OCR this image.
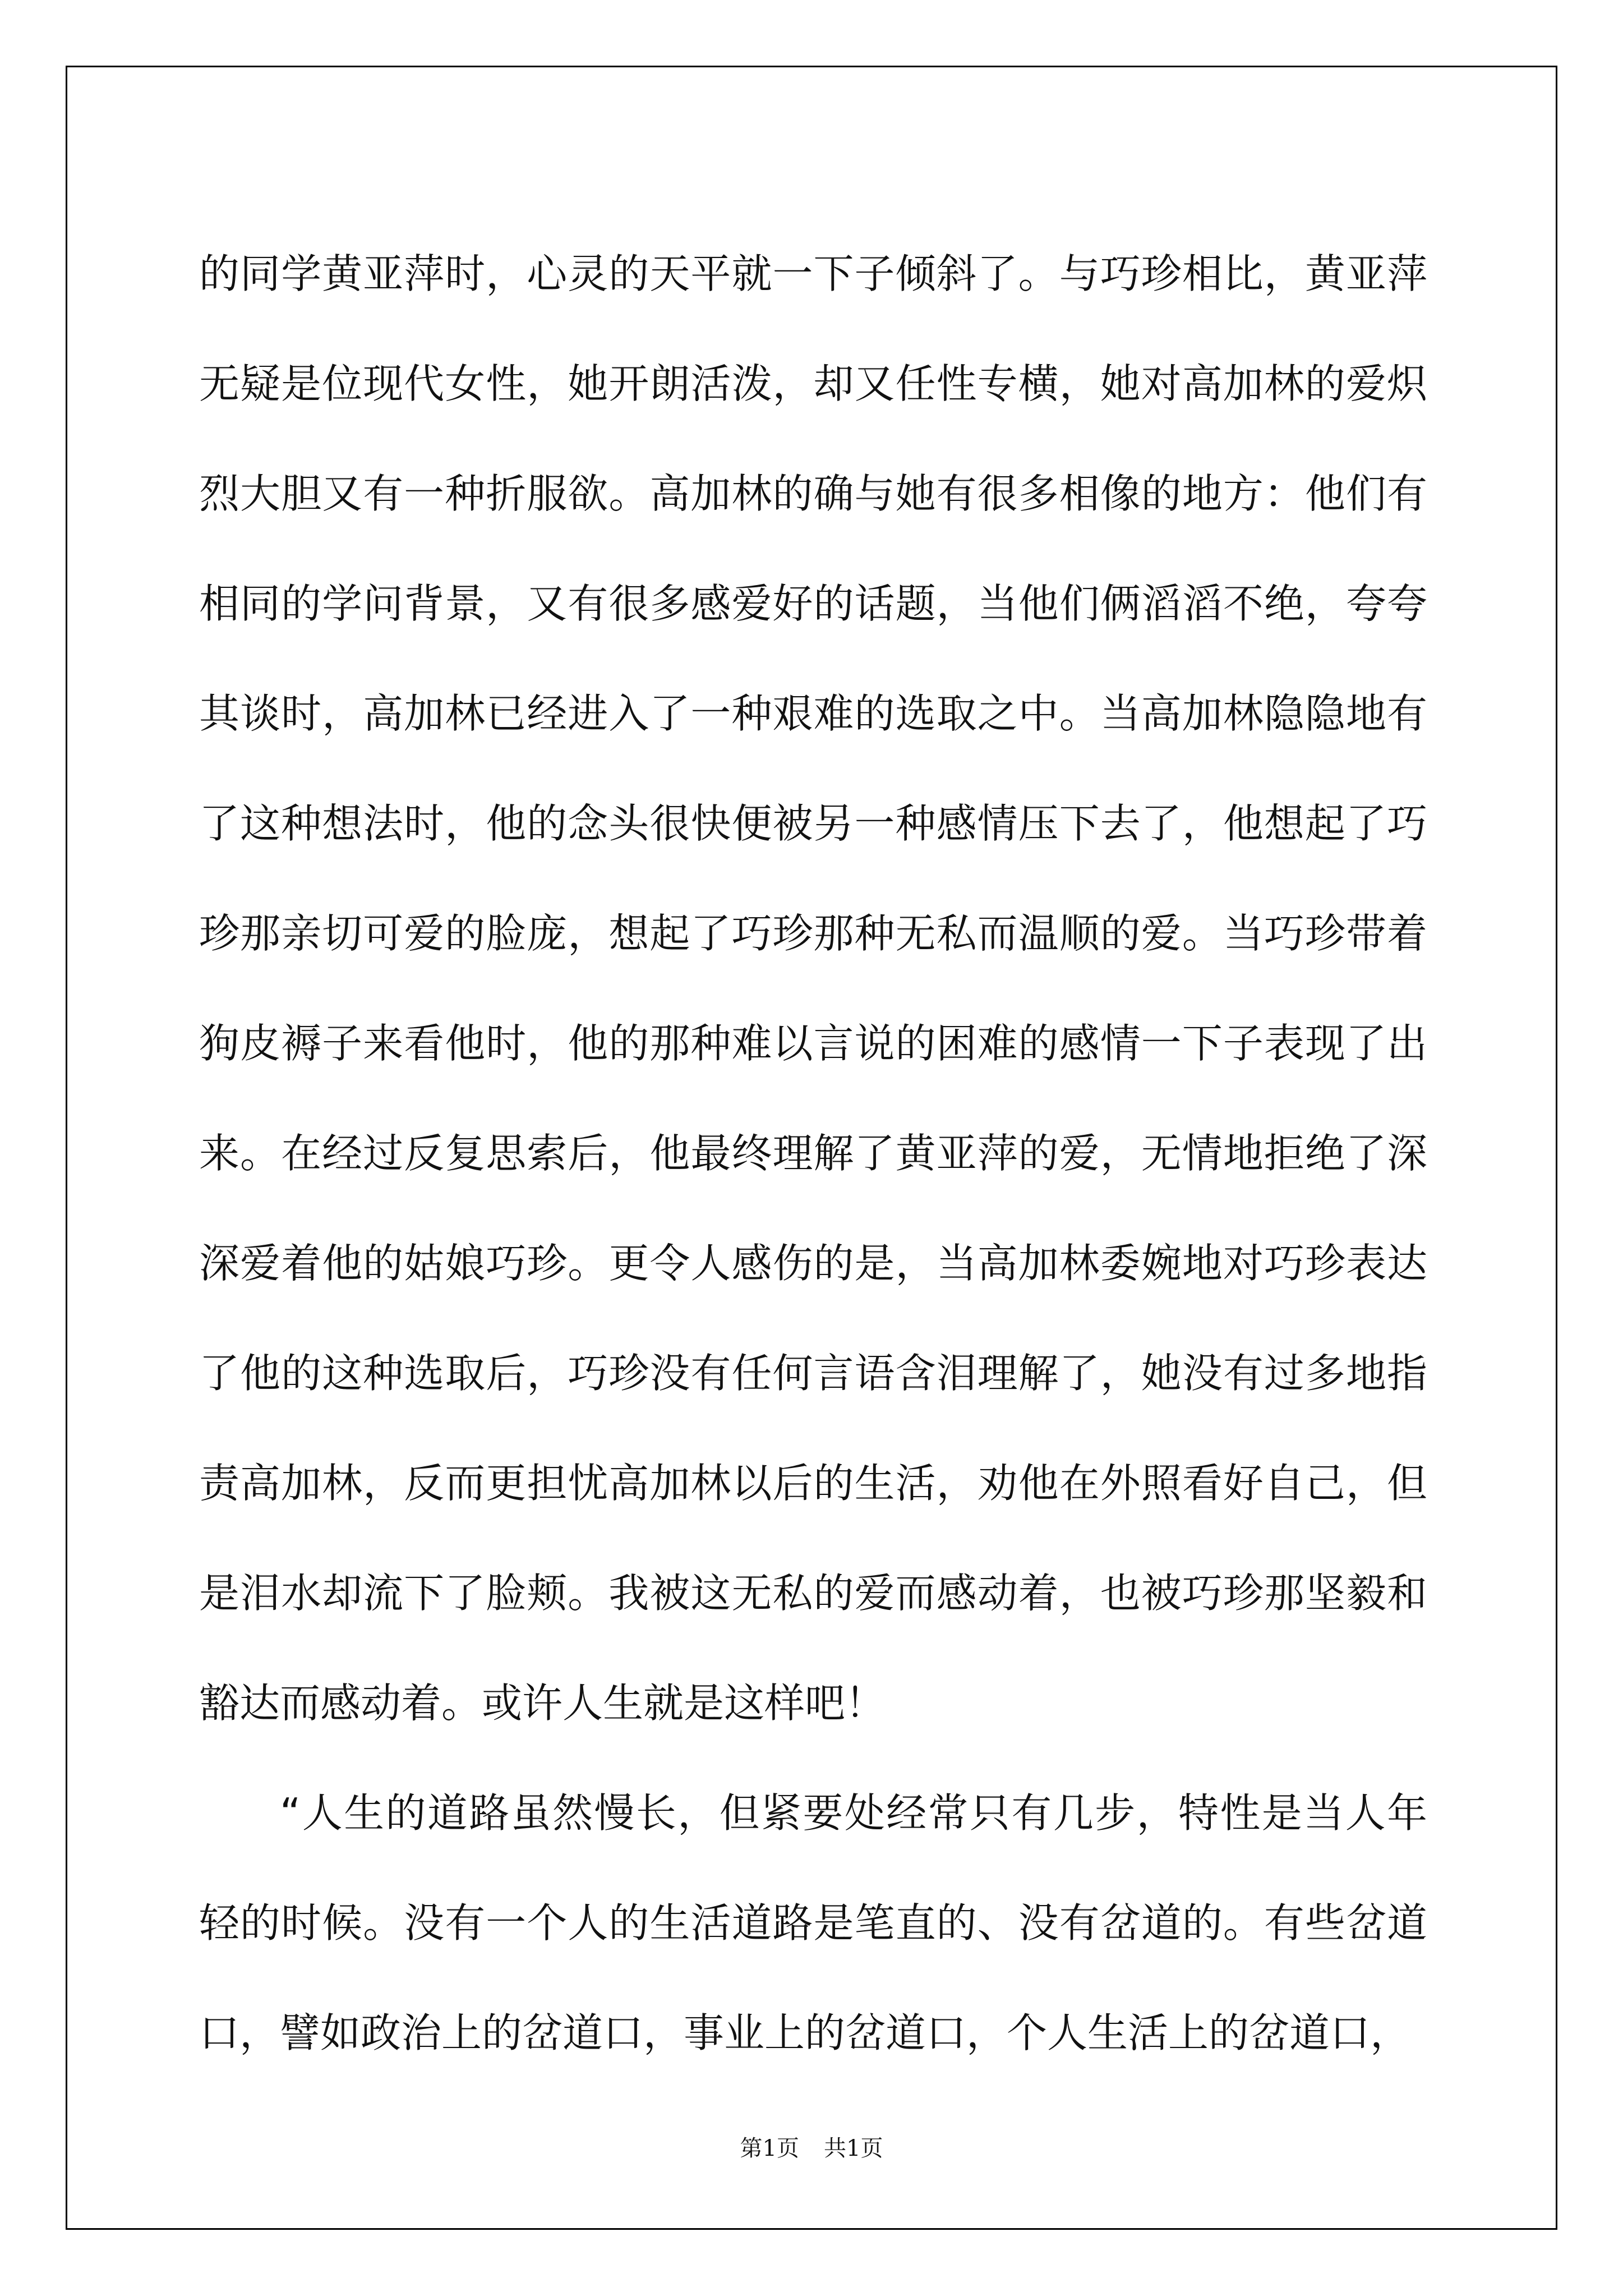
的同学黄亚萍时，心灵的天平就一下子倾斜了。与巧珍相比，黄亚萍无疑是位现代女性，她开朗活泼，却又任性专横，她对高加林的爱炽烈大胆又有一种折服欲。高加林的确与她有很多相像的地方：他们有相同的学问背景，又有很多感爱好的话题，当他们俩滔滔不绝，夸夸其谈时，高加林已经进入了一种艰难的选取之中。当高加林隐隐地有了这种想法时，他的念头很快便被另一种感情压下去了，他想起了巧珍那亲切可爱的脸庞，想起了巧珍那种无私而温顺的爱。当巧珍带着狗皮褥子来看他时，他的那种难以言说的困难的感情一下子表现了出来。在经过反复思索后，他最终理解了黄亚萍的爱，无情地拒绝了深深爱着他的姑娘巧珍。更令人感伤的是，当高加林委婉地对巧珍表达了他的这种选取后，巧珍没有任何言语含泪理解了，她没有过多地指责高加林，反而更担忧高加林以后的生活，劝他在外照看好自己，但是泪水却流下了脸颊。我被这无私的爱而感动着，也被巧珍那坚毅和豁达而感动着。或许人生就是这样吧！

“人生的道路虽然慢长，但紧要处经常只有几步，特性是当人年轻的时候。没有一个人的生活道路是笔直的、没有岔道的。有些岔道口，譬如政治上的岔道口，事业上的岔道口，个人生活上的岔道口，

第1页 共1页
